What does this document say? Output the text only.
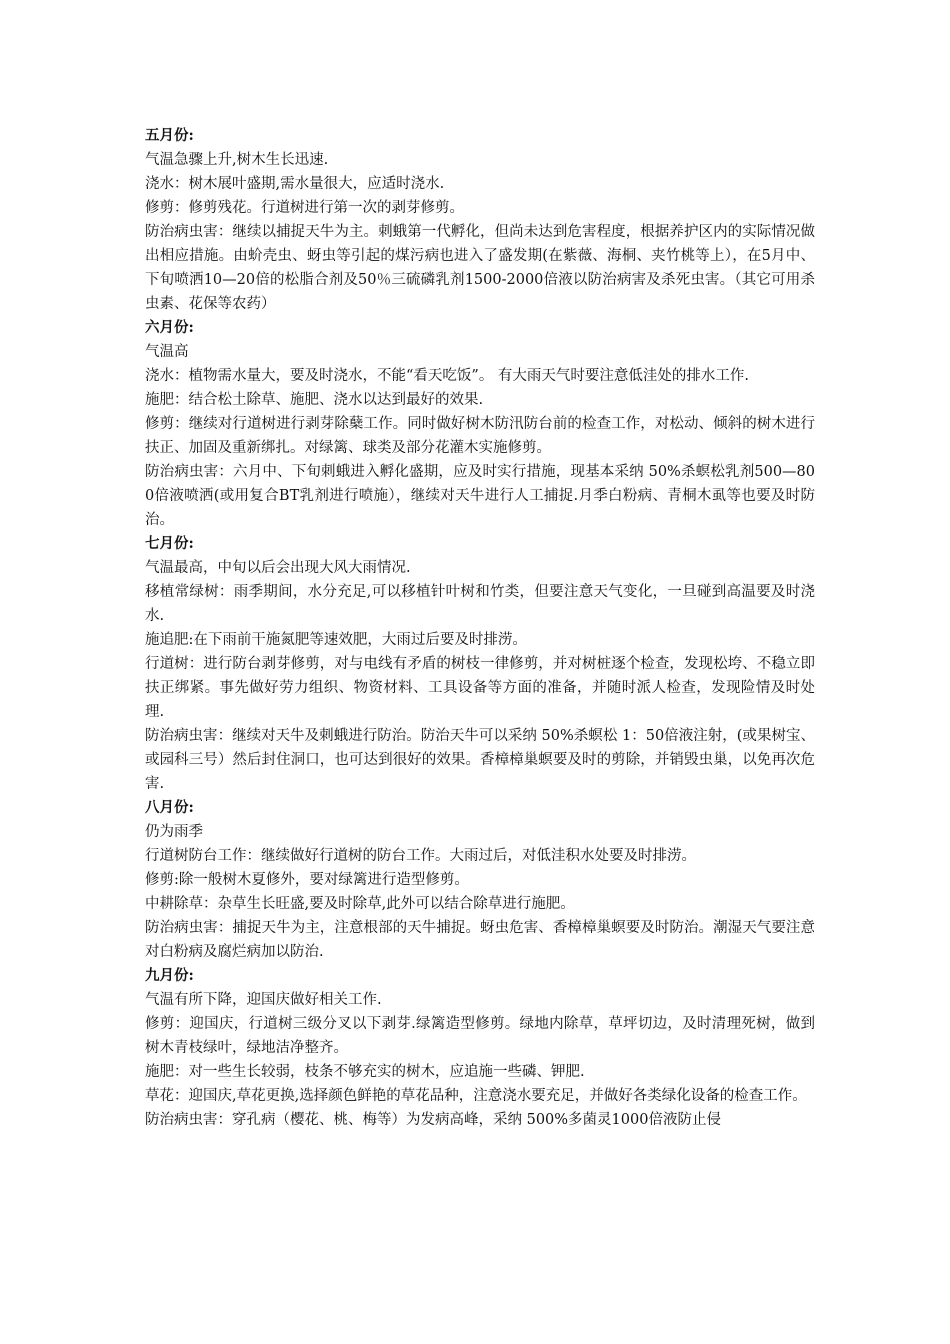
五月份:

气温急骤上升,树木生长迅速.

浇水：树木展叶盛期,需水量很大，应适时浇水.

修剪：修剪残花。行道树进行第一次的剥芽修剪。

防治病虫害：继续以捕捉天牛为主。刺蛾第一代孵化，但尚未达到危害程度，根据养护区内的实际情况做出相应措施。由蚧壳虫、蚜虫等引起的煤污病也进入了盛发期(在紫薇、海桐、夹竹桃等上），在5月中、下旬喷洒10—20倍的松脂合剂及50％三硫磷乳剂1500-2000倍液以防治病害及杀死虫害。（其它可用杀虫素、花保等农药）

六月份:

气温高

浇水：植物需水量大，要及时浇水，不能“看天吃饭”。 有大雨天气时要注意低洼处的排水工作.

施肥：结合松土除草、施肥、浇水以达到最好的效果.

修剪：继续对行道树进行剥芽除蘖工作。同时做好树木防汛防台前的检查工作，对松动、倾斜的树木进行扶正、加固及重新绑扎。对绿篱、球类及部分花灌木实施修剪。

防治病虫害：六月中、下旬刺蛾进入孵化盛期，应及时实行措施，现基本采纳 50%杀螟松乳剂500—800倍液喷洒(或用复合BT乳剂进行喷施），继续对天牛进行人工捕捉.月季白粉病、青桐木虱等也要及时防治。

七月份:

气温最高，中旬以后会出现大风大雨情况.

移植常绿树：雨季期间，水分充足,可以移植针叶树和竹类，但要注意天气变化，一旦碰到高温要及时浇水.

施追肥:在下雨前干施氮肥等速效肥，大雨过后要及时排涝。

行道树：进行防台剥芽修剪，对与电线有矛盾的树枝一律修剪，并对树桩逐个检查，发现松垮、不稳立即扶正绑紧。事先做好劳力组织、物资材料、工具设备等方面的准备，并随时派人检查，发现险情及时处理.

防治病虫害：继续对天牛及刺蛾进行防治。防治天牛可以采纳 50%杀螟松 1：50倍液注射，(或果树宝、或园科三号）然后封住洞口，也可达到很好的效果。香樟樟巢螟要及时的剪除，并销毁虫巢，以免再次危害.

八月份:

仍为雨季

行道树防台工作：继续做好行道树的防台工作。大雨过后，对低洼积水处要及时排涝。

修剪:除一般树木夏修外，要对绿篱进行造型修剪。

中耕除草：杂草生长旺盛,要及时除草,此外可以结合除草进行施肥。

防治病虫害：捕捉天牛为主，注意根部的天牛捕捉。蚜虫危害、香樟樟巢螟要及时防治。潮湿天气要注意对白粉病及腐烂病加以防治.

九月份:

气温有所下降，迎国庆做好相关工作.

修剪：迎国庆，行道树三级分叉以下剥芽.绿篱造型修剪。绿地内除草，草坪切边，及时清理死树，做到树木青枝绿叶，绿地洁净整齐。

施肥：对一些生长较弱，枝条不够充实的树木，应追施一些磷、钾肥.

草花：迎国庆,草花更换,选择颜色鲜艳的草花品种，注意浇水要充足，并做好各类绿化设备的检查工作。

防治病虫害：穿孔病（樱花、桃、梅等）为发病高峰，采纳 500%多菌灵1000倍液防止侵
